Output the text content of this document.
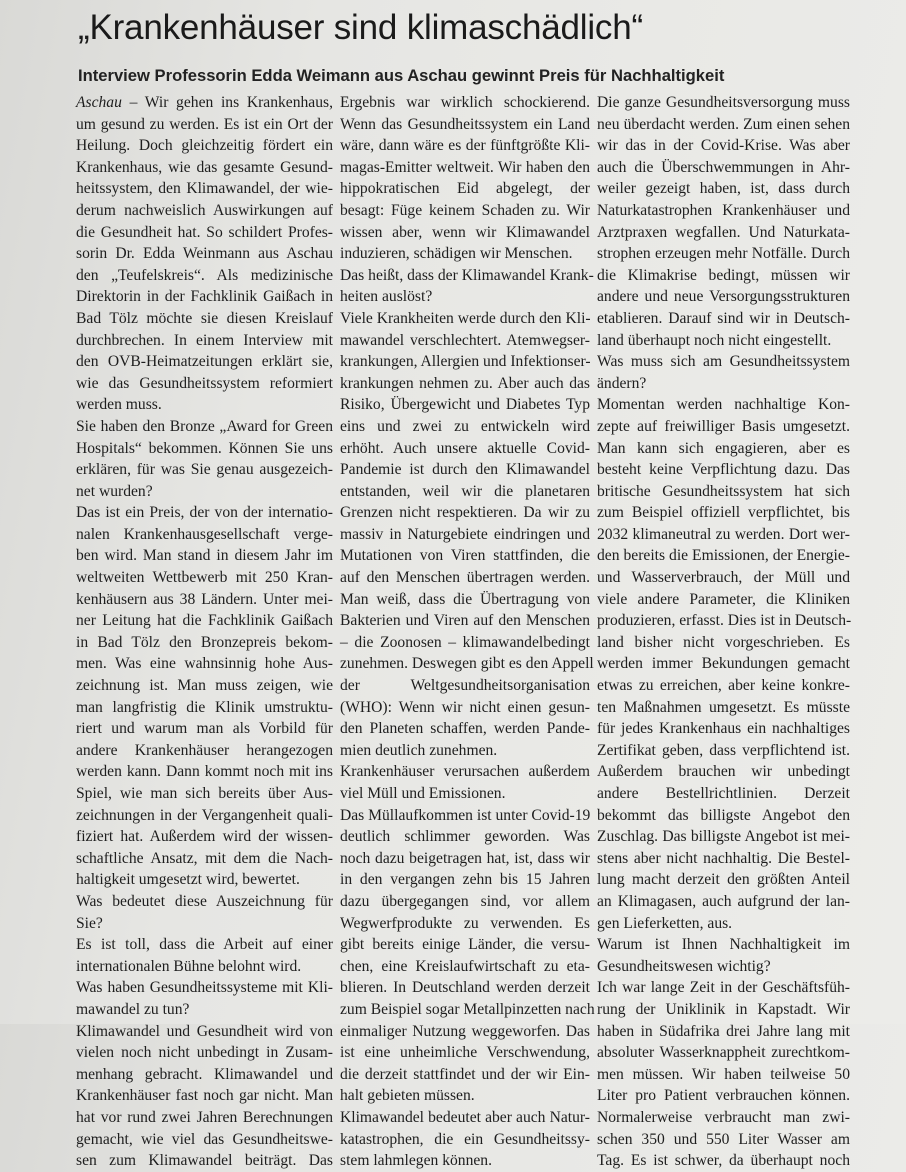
„Krankenhäuser sind klimaschädlich“
Interview Professorin Edda Weimann aus Aschau gewinnt Preis für Nachhaltigkeit
Aschau – Wir gehen ins Krankenhaus,
um gesund zu werden. Es ist ein Ort der
Heilung. Doch gleichzeitig fördert ein
Krankenhaus, wie das gesamte Gesund-
heitssystem, den Klimawandel, der wie-
derum nachweislich Auswirkungen auf
die Gesundheit hat. So schildert Profes-
sorin Dr. Edda Weinmann aus Aschau
den „Teufelskreis“. Als medizinische
Direktorin in der Fachklinik Gaißach in
Bad Tölz möchte sie diesen Kreislauf
durchbrechen. In einem Interview mit
den OVB-Heimatzeitungen erklärt sie,
wie das Gesundheitssystem reformiert
werden muss.
Sie haben den Bronze „Award for Green
Hospitals“ bekommen. Können Sie uns
erklären, für was Sie genau ausgezeich-
net wurden?
Das ist ein Preis, der von der internatio-
nalen Krankenhausgesellschaft verge-
ben wird. Man stand in diesem Jahr im
weltweiten Wettbewerb mit 250 Kran-
kenhäusern aus 38 Ländern. Unter mei-
ner Leitung hat die Fachklinik Gaißach
in Bad Tölz den Bronzepreis bekom-
men. Was eine wahnsinnig hohe Aus-
zeichnung ist. Man muss zeigen, wie
man langfristig die Klinik umstruktu-
riert und warum man als Vorbild für
andere Krankenhäuser herangezogen
werden kann. Dann kommt noch mit ins
Spiel, wie man sich bereits über Aus-
zeichnungen in der Vergangenheit quali-
fiziert hat. Außerdem wird der wissen-
schaftliche Ansatz, mit dem die Nach-
haltigkeit umgesetzt wird, bewertet.
Was bedeutet diese Auszeichnung für
Sie?
Es ist toll, dass die Arbeit auf einer
internationalen Bühne belohnt wird.
Was haben Gesundheitssysteme mit Kli-
mawandel zu tun?
Klimawandel und Gesundheit wird von
vielen noch nicht unbedingt in Zusam-
menhang gebracht. Klimawandel und
Krankenhäuser fast noch gar nicht. Man
hat vor rund zwei Jahren Berechnungen
gemacht, wie viel das Gesundheitswe-
sen zum Klimawandel beiträgt. Das
Ergebnis war wirklich schockierend.
Wenn das Gesundheitssystem ein Land
wäre, dann wäre es der fünftgrößte Kli-
magas-Emitter weltweit. Wir haben den
hippokratischen Eid abgelegt, der
besagt: Füge keinem Schaden zu. Wir
wissen aber, wenn wir Klimawandel
induzieren, schädigen wir Menschen.
Das heißt, dass der Klimawandel Krank-
heiten auslöst?
Viele Krankheiten werde durch den Kli-
mawandel verschlechtert. Atemwegser-
krankungen, Allergien und Infektionser-
krankungen nehmen zu. Aber auch das
Risiko, Übergewicht und Diabetes Typ
eins und zwei zu entwickeln wird
erhöht. Auch unsere aktuelle Covid-
Pandemie ist durch den Klimawandel
entstanden, weil wir die planetaren
Grenzen nicht respektieren. Da wir zu
massiv in Naturgebiete eindringen und
Mutationen von Viren stattfinden, die
auf den Menschen übertragen werden.
Man weiß, dass die Übertragung von
Bakterien und Viren auf den Menschen
– die Zoonosen – klimawandelbedingt
zunehmen. Deswegen gibt es den Appell
der Weltgesundheitsorganisation
(WHO): Wenn wir nicht einen gesun-
den Planeten schaffen, werden Pande-
mien deutlich zunehmen.
Krankenhäuser verursachen außerdem
viel Müll und Emissionen.
Das Müllaufkommen ist unter Covid-19
deutlich schlimmer geworden. Was
noch dazu beigetragen hat, ist, dass wir
in den vergangen zehn bis 15 Jahren
dazu übergegangen sind, vor allem
Wegwerfprodukte zu verwenden. Es
gibt bereits einige Länder, die versu-
chen, eine Kreislaufwirtschaft zu eta-
blieren. In Deutschland werden derzeit
zum Beispiel sogar Metallpinzetten nach
einmaliger Nutzung weggeworfen. Das
ist eine unheimliche Verschwendung,
die derzeit stattfindet und der wir Ein-
halt gebieten müssen.
Klimawandel bedeutet aber auch Natur-
katastrophen, die ein Gesundheitssy-
stem lahmlegen können.
Die ganze Gesundheitsversorgung muss
neu überdacht werden. Zum einen sehen
wir das in der Covid-Krise. Was aber
auch die Überschwemmungen in Ahr-
weiler gezeigt haben, ist, dass durch
Naturkatastrophen Krankenhäuser und
Arztpraxen wegfallen. Und Naturkata-
strophen erzeugen mehr Notfälle. Durch
die Klimakrise bedingt, müssen wir
andere und neue Versorgungsstrukturen
etablieren. Darauf sind wir in Deutsch-
land überhaupt noch nicht eingestellt.
Was muss sich am Gesundheitssystem
ändern?
Momentan werden nachhaltige Kon-
zepte auf freiwilliger Basis umgesetzt.
Man kann sich engagieren, aber es
besteht keine Verpflichtung dazu. Das
britische Gesundheitssystem hat sich
zum Beispiel offiziell verpflichtet, bis
2032 klimaneutral zu werden. Dort wer-
den bereits die Emissionen, der Energie-
und Wasserverbrauch, der Müll und
viele andere Parameter, die Kliniken
produzieren, erfasst. Dies ist in Deutsch-
land bisher nicht vorgeschrieben. Es
werden immer Bekundungen gemacht
etwas zu erreichen, aber keine konkre-
ten Maßnahmen umgesetzt. Es müsste
für jedes Krankenhaus ein nachhaltiges
Zertifikat geben, dass verpflichtend ist.
Außerdem brauchen wir unbedingt
andere Bestellrichtlinien. Derzeit
bekommt das billigste Angebot den
Zuschlag. Das billigste Angebot ist mei-
stens aber nicht nachhaltig. Die Bestel-
lung macht derzeit den größten Anteil
an Klimagasen, auch aufgrund der lan-
gen Lieferketten, aus.
Warum ist Ihnen Nachhaltigkeit im
Gesundheitswesen wichtig?
Ich war lange Zeit in der Geschäftsfüh-
rung der Uniklinik in Kapstadt. Wir
haben in Südafrika drei Jahre lang mit
absoluter Wasserknappheit zurechtkom-
men müssen. Wir haben teilweise 50
Liter pro Patient verbrauchen können.
Normalerweise verbraucht man zwi-
schen 350 und 550 Liter Wasser am
Tag. Es ist schwer, da überhaupt noch
